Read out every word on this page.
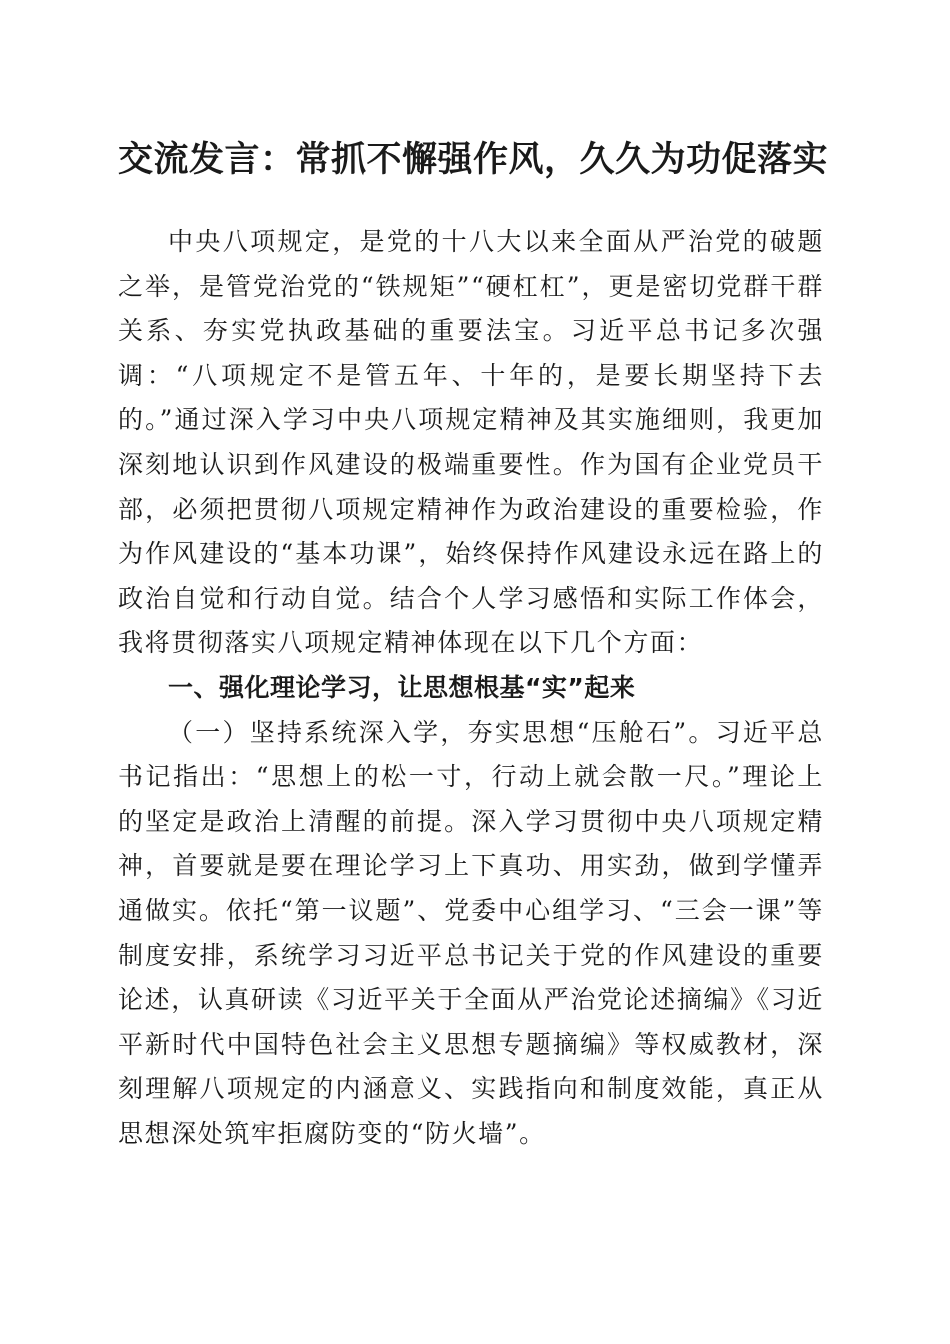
交流发言：常抓不懈强作风，久久为功促落实

中央八项规定，是党的十八大以来全面从严治党的破题之举，是管党治党的“铁规矩”“硬杠杠”，更是密切党群干群关系、夯实党执政基础的重要法宝。习近平总书记多次强调：“八项规定不是管五年、十年的，是要长期坚持下去的。”通过深入学习中央八项规定精神及其实施细则，我更加深刻地认识到作风建设的极端重要性。作为国有企业党员干部，必须把贯彻八项规定精神作为政治建设的重要检验，作为作风建设的“基本功课”，始终保持作风建设永远在路上的政治自觉和行动自觉。结合个人学习感悟和实际工作体会，我将贯彻落实八项规定精神体现在以下几个方面：

一、强化理论学习，让思想根基“实”起来

（一）坚持系统深入学，夯实思想“压舱石”。习近平总书记指出：“思想上的松一寸，行动上就会散一尺。”理论上的坚定是政治上清醒的前提。深入学习贯彻中央八项规定精神，首要就是要在理论学习上下真功、用实劲，做到学懂弄通做实。依托“第一议题”、党委中心组学习、“三会一课”等制度安排，系统学习习近平总书记关于党的作风建设的重要论述，认真研读《习近平关于全面从严治党论述摘编》《习近平新时代中国特色社会主义思想专题摘编》等权威教材，深刻理解八项规定的内涵意义、实践指向和制度效能，真正从思想深处筑牢拒腐防变的“防火墙”。
